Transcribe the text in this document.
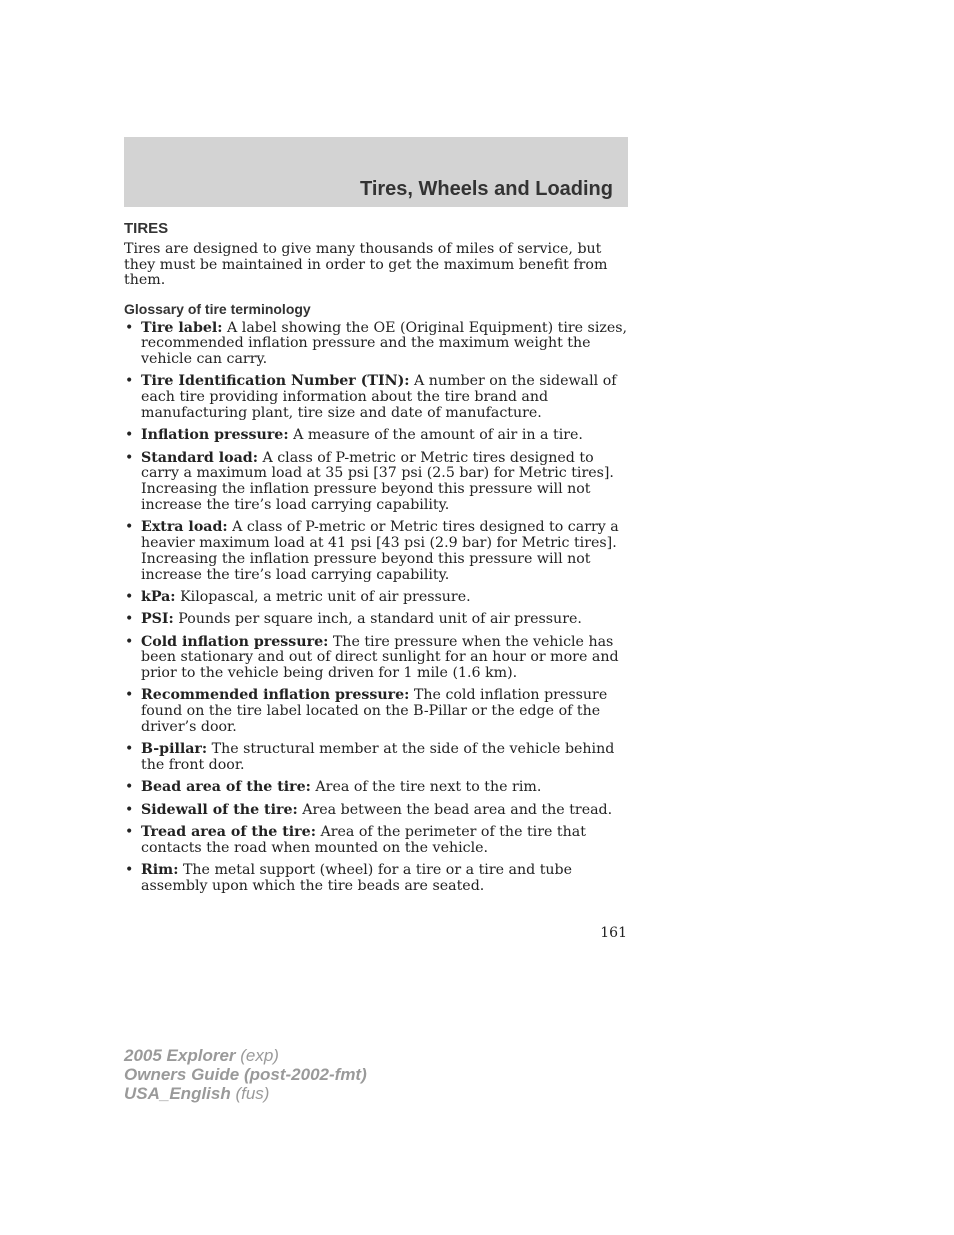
Tires, Wheels and Loading
TIRES

Tires are designed to give many thousands of miles of service, but they must be maintained in order to get the maximum benefit from them.

Glossary of tire terminology
• Tire label: A label showing the OE (Original Equipment) tire sizes, recommended inflation pressure and the maximum weight the vehicle can carry.
• Tire Identification Number (TIN): A number on the sidewall of each tire providing information about the tire brand and manufacturing plant, tire size and date of manufacture.
• Inflation pressure: A measure of the amount of air in a tire.
• Standard load: A class of P-metric or Metric tires designed to carry a maximum load at 35 psi [37 psi (2.5 bar) for Metric tires]. Increasing the inflation pressure beyond this pressure will not increase the tire’s load carrying capability.
• Extra load: A class of P-metric or Metric tires designed to carry a heavier maximum load at 41 psi [43 psi (2.9 bar) for Metric tires]. Increasing the inflation pressure beyond this pressure will not increase the tire’s load carrying capability.
• kPa: Kilopascal, a metric unit of air pressure.
• PSI: Pounds per square inch, a standard unit of air pressure.
• Cold inflation pressure: The tire pressure when the vehicle has been stationary and out of direct sunlight for an hour or more and prior to the vehicle being driven for 1 mile (1.6 km).
• Recommended inflation pressure: The cold inflation pressure found on the tire label located on the B-Pillar or the edge of the driver’s door.
• B-pillar: The structural member at the side of the vehicle behind the front door.
• Bead area of the tire: Area of the tire next to the rim.
• Sidewall of the tire: Area between the bead area and the tread.
• Tread area of the tire: Area of the perimeter of the tire that contacts the road when mounted on the vehicle.
• Rim: The metal support (wheel) for a tire or a tire and tube assembly upon which the tire beads are seated.
161
2005 Explorer (exp)
Owners Guide (post-2002-fmt)
USA_English (fus)
